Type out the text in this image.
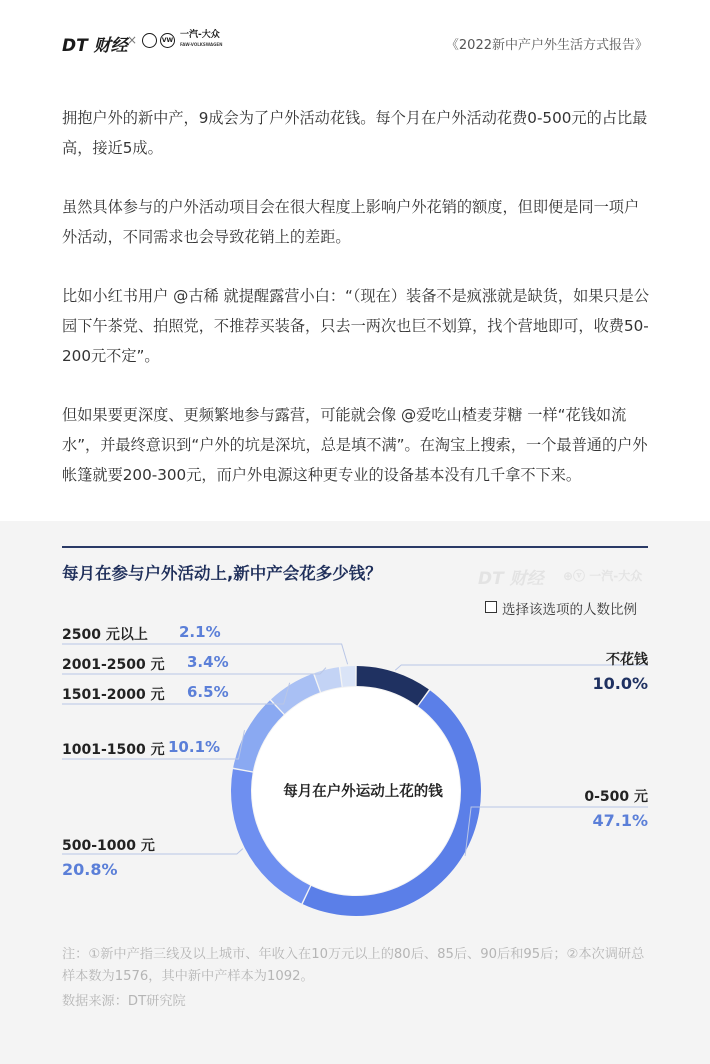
DT 财经 ×	VW 一汽-大众
FAW-VOLKSWAGEN	《2022新中产户外生活方式报告》

拥抱户外的新中产，9成会为了户外活动花钱。每个月在户外活动花费0-500元的占比最高，接近5成。

虽然具体参与的户外活动项目会在很大程度上影响户外花销的额度，但即便是同一项户外活动，不同需求也会导致花销上的差距。

比如小红书用户 @古稀 就提醒露营小白：“（现在）装备不是疯涨就是缺货，如果只是公园下午茶党、拍照党，不推荐买装备，只去一两次也巨不划算，找个营地即可，收费50-200元不定”。

但如果要更深度、更频繁地参与露营，可能就会像 @爱吃山楂麦芽糖 一样“花钱如流水”，并最终意识到“户外的坑是深坑，总是填不满”。在淘宝上搜索，一个最普通的户外帐篷就要200-300元，而户外电源这种更专业的设备基本没有几千拿不下来。

每月在参与户外活动上,新中产会花多少钱？	DT 财经 ⊕ⓥ 一汽-大众
选择该选项的人数比例
不花钱
10.0%
0-500 元
47.1%
2500 元以上 2.1%
2001-2500 元 3.4%
1501-2000 元 6.5%
1001-1500 元 10.1%
500-1000 元
20.8%
每月在户外运动上花的钱
注：①新中产指三线及以上城市、年收入在10万元以上的80后、85后、90后和95后；②本次调研总样本数为1576，其中新中产样本为1092。
数据来源：DT研究院
